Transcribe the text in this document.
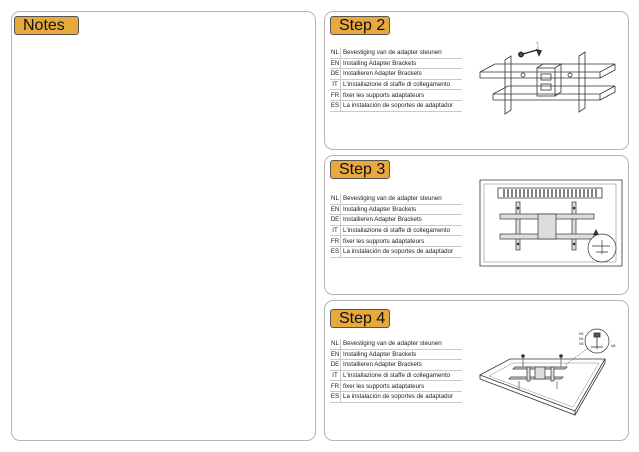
Notes	Step 2
NL	Bevestiging van de adapter steunen
EN	Installing Adapter Brackets
DE	Installieren Adapter Brackets
IT	L'installazione di staffe di collegamento
FR	fixer les supports adaptateurs
ES	La instalación de soportes de adaptador
T
Step 3
NL	Bevestiging van de adapter steunen
EN	Installing Adapter Brackets
DE	Installieren Adapter Brackets
IT	L'installazione di staffe di collegamento
FR	fixer les supports adaptateurs
ES	La instalación de soportes de adaptador
Step 4
NL	Bevestiging van de adapter steunen
EN	Installing Adapter Brackets
DE	Installieren Adapter Brackets
IT	L'installazione di staffe di collegamento
FR	fixer les supports adaptateurs
ES	La instalación de soportes de adaptador
M5
M6
M8	M8
